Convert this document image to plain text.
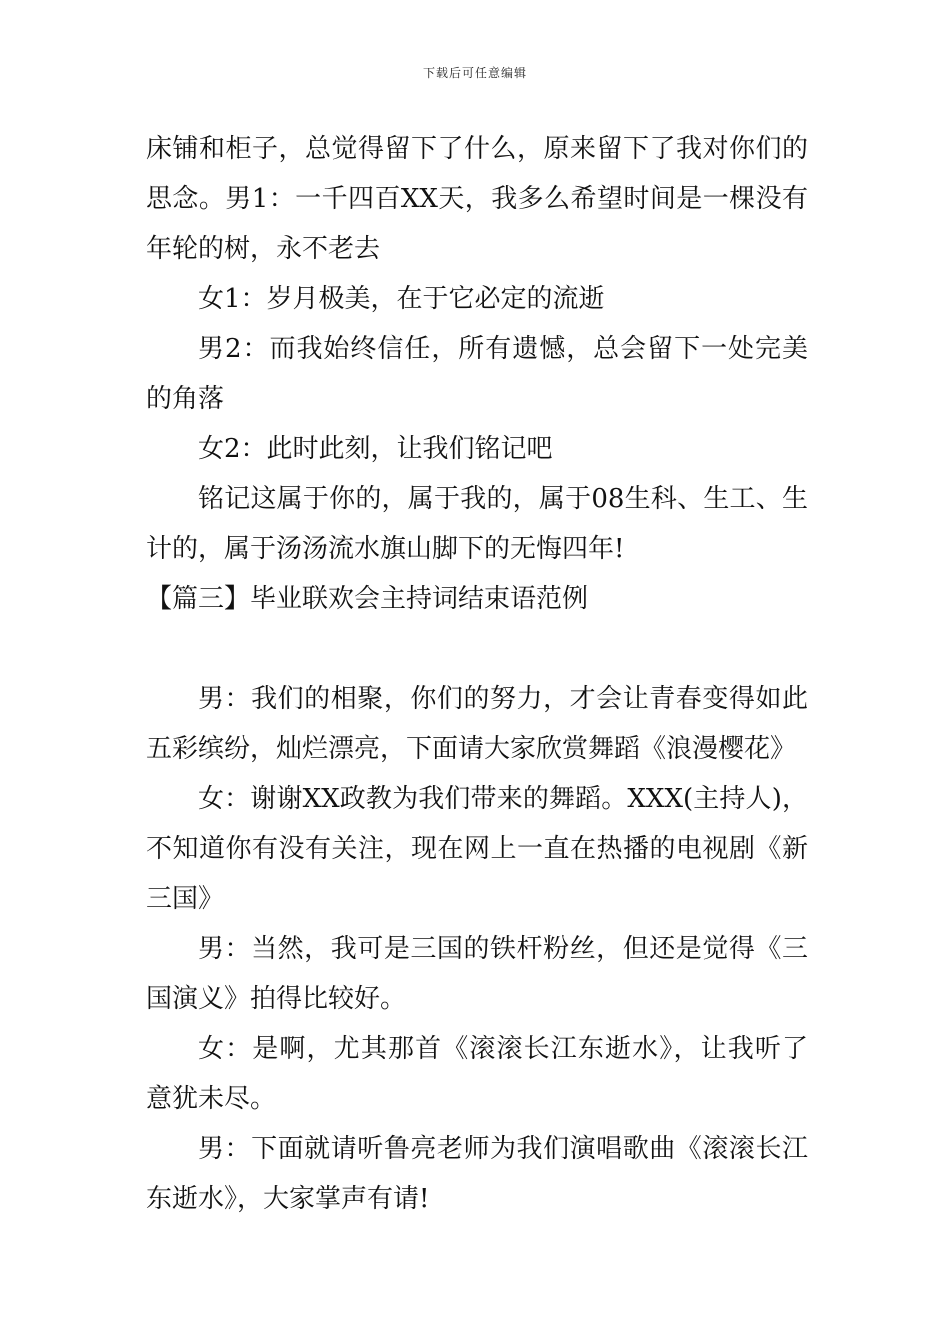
下载后可任意编辑

床铺和柜子，总觉得留下了什么，原来留下了我对你们的思念。男1：一千四百XX天，我多么希望时间是一棵没有年轮的树，永不老去

女1：岁月极美，在于它必定的流逝

男2：而我始终信任，所有遗憾，总会留下一处完美的角落

女2：此时此刻，让我们铭记吧

铭记这属于你的，属于我的，属于08生科、生工、生计的，属于汤汤流水旗山脚下的无悔四年!

【篇三】毕业联欢会主持词结束语范例

男：我们的相聚，你们的努力，才会让青春变得如此五彩缤纷，灿烂漂亮，下面请大家欣赏舞蹈《浪漫樱花》

女：谢谢XX政教为我们带来的舞蹈。XXX(主持人)，不知道你有没有关注，现在网上一直在热播的电视剧《新三国》

男：当然，我可是三国的铁杆粉丝，但还是觉得《三国演义》拍得比较好。

女：是啊，尤其那首《滚滚长江东逝水》，让我听了意犹未尽。

男：下面就请听鲁亮老师为我们演唱歌曲《滚滚长江东逝水》，大家掌声有请!
